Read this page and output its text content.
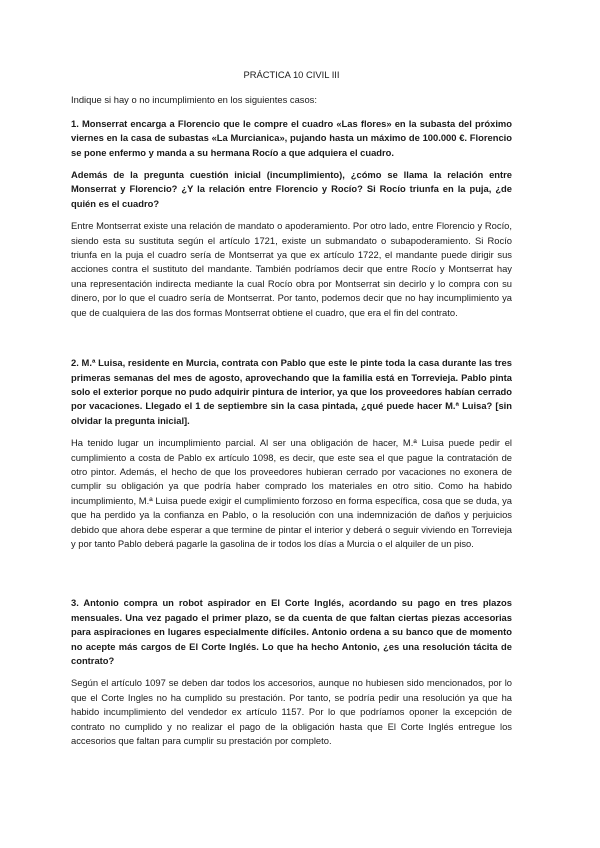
PRÁCTICA 10 CIVIL III

Indique si hay o no incumplimiento en los siguientes casos:

1. Monserrat encarga a Florencio que le compre el cuadro «Las flores» en la subasta del próximo viernes en la casa de subastas «La Murcianica», pujando hasta un máximo de 100.000 €. Florencio se pone enfermo y manda a su hermana Rocío a que adquiera el cuadro.

Además de la pregunta cuestión inicial (incumplimiento), ¿cómo se llama la relación entre Monserrat y Florencio? ¿Y la relación entre Florencio y Rocío? Si Rocío triunfa en la puja, ¿de quién es el cuadro?

Entre Montserrat existe una relación de mandato o apoderamiento. Por otro lado, entre Florencio y Rocío, siendo esta su sustituta según el artículo 1721, existe un submandato o subapoderamiento. Si Rocío triunfa en la puja el cuadro sería de Montserrat ya que ex artículo 1722, el mandante puede dirigir sus acciones contra el sustituto del mandante. También podríamos decir que entre Rocío y Montserrat hay una representación indirecta mediante la cual Rocío obra por Montserrat sin decirlo y lo compra con su dinero, por lo que el cuadro sería de Montserrat. Por tanto, podemos decir que no hay incumplimiento ya que de cualquiera de las dos formas Montserrat obtiene el cuadro, que era el fin del contrato.

2. M.ª Luisa, residente en Murcia, contrata con Pablo que este le pinte toda la casa durante las tres primeras semanas del mes de agosto, aprovechando que la familia está en Torrevieja. Pablo pinta solo el exterior porque no pudo adquirir pintura de interior, ya que los proveedores habían cerrado por vacaciones. Llegado el 1 de septiembre sin la casa pintada, ¿qué puede hacer M.ª Luisa? [sin olvidar la pregunta inicial].

Ha tenido lugar un incumplimiento parcial. Al ser una obligación de hacer, M.ª Luisa puede pedir el cumplimiento a costa de Pablo ex artículo 1098, es decir, que este sea el que pague la contratación de otro pintor. Además, el hecho de que los proveedores hubieran cerrado por vacaciones no exonera de cumplir su obligación ya que podría haber comprado los materiales en otro sitio. Como ha habido incumplimiento, M.ª Luisa puede exigir el cumplimiento forzoso en forma específica, cosa que se duda, ya que ha perdido ya la confianza en Pablo, o la resolución con una indemnización de daños y perjuicios debido que ahora debe esperar a que termine de pintar el interior y deberá o seguir viviendo en Torrevieja y por tanto Pablo deberá pagarle la gasolina de ir todos los días a Murcia o el alquiler de un piso.

3. Antonio compra un robot aspirador en El Corte Inglés, acordando su pago en tres plazos mensuales. Una vez pagado el primer plazo, se da cuenta de que faltan ciertas piezas accesorias para aspiraciones en lugares especialmente difíciles. Antonio ordena a su banco que de momento no acepte más cargos de El Corte Inglés. Lo que ha hecho Antonio, ¿es una resolución tácita de contrato?

Según el artículo 1097 se deben dar todos los accesorios, aunque no hubiesen sido mencionados, por lo que el Corte Ingles no ha cumplido su prestación. Por tanto, se podría pedir una resolución ya que ha habido incumplimiento del vendedor ex artículo 1157. Por lo que podríamos oponer la excepción de contrato no cumplido y no realizar el pago de la obligación hasta que El Corte Inglés entregue los accesorios que faltan para cumplir su prestación por completo.
